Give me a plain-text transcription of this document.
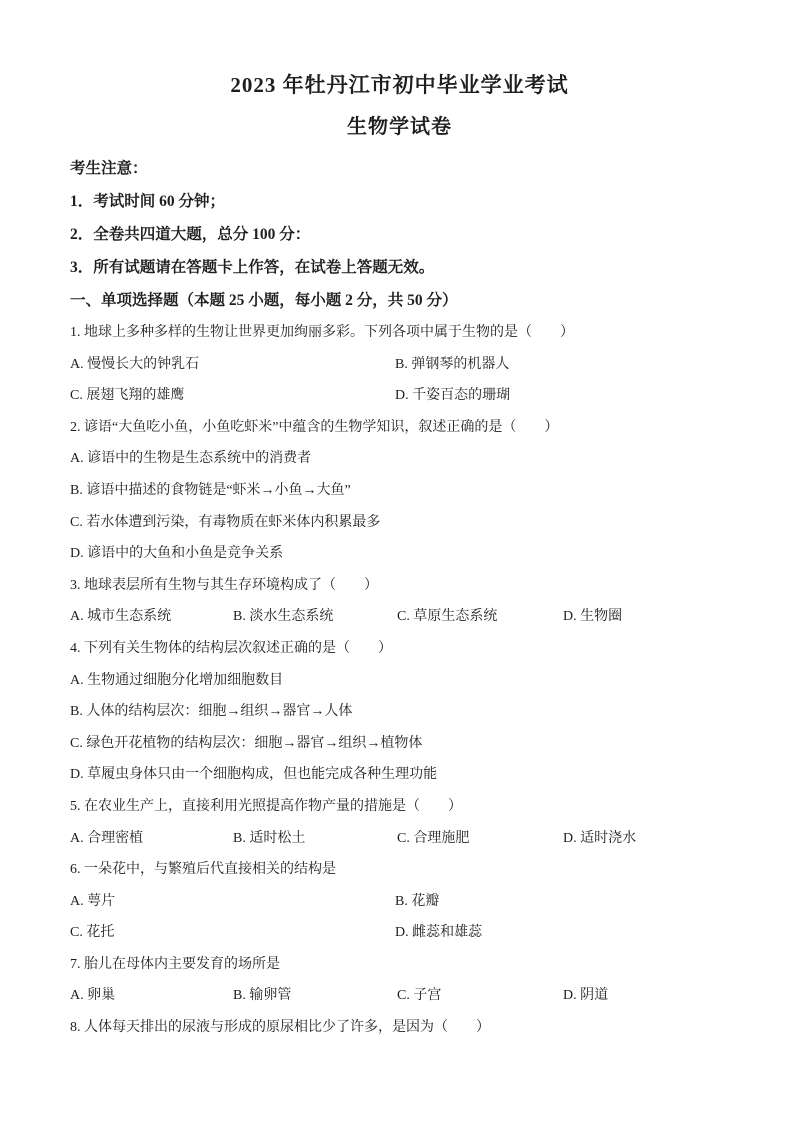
2023 年牡丹江市初中毕业学业考试
生物学试卷
考生注意：
1．考试时间 60 分钟；
2．全卷共四道大题，总分 100 分：
3．所有试题请在答题卡上作答，在试卷上答题无效。
一、单项选择题（本题 25 小题，每小题 2 分，共 50 分）
1. 地球上多种多样的生物让世界更加绚丽多彩。下列各项中属于生物的是（　　）
A. 慢慢长大的钟乳石	B. 弹钢琴的机器人
C. 展翅飞翔的雄鹰	D. 千姿百态的珊瑚
2. 谚语“大鱼吃小鱼，小鱼吃虾米”中蕴含的生物学知识，叙述正确的是（　　）
A. 谚语中的生物是生态系统中的消费者
B. 谚语中描述的食物链是“虾米→小鱼→大鱼”
C. 若水体遭到污染，有毒物质在虾米体内积累最多
D. 谚语中的大鱼和小鱼是竞争关系
3. 地球表层所有生物与其生存环境构成了（　　）
A. 城市生态系统	B. 淡水生态系统	C. 草原生态系统	D. 生物圈
4. 下列有关生物体的结构层次叙述正确的是（　　）
A. 生物通过细胞分化增加细胞数目
B. 人体的结构层次：细胞→组织→器官→人体
C. 绿色开花植物的结构层次：细胞→器官→组织→植物体
D. 草履虫身体只由一个细胞构成，但也能完成各种生理功能
5. 在农业生产上，直接利用光照提高作物产量的措施是（　　）
A. 合理密植	B. 适时松土	C. 合理施肥	D. 适时浇水
6. 一朵花中，与繁殖后代直接相关的结构是
A. 萼片	B. 花瓣
C. 花托	D. 雌蕊和雄蕊
7. 胎儿在母体内主要发育的场所是
A. 卵巢	B. 输卵管	C. 子宫	D. 阴道
8. 人体每天排出的尿液与形成的原尿相比少了许多，是因为（　　）
